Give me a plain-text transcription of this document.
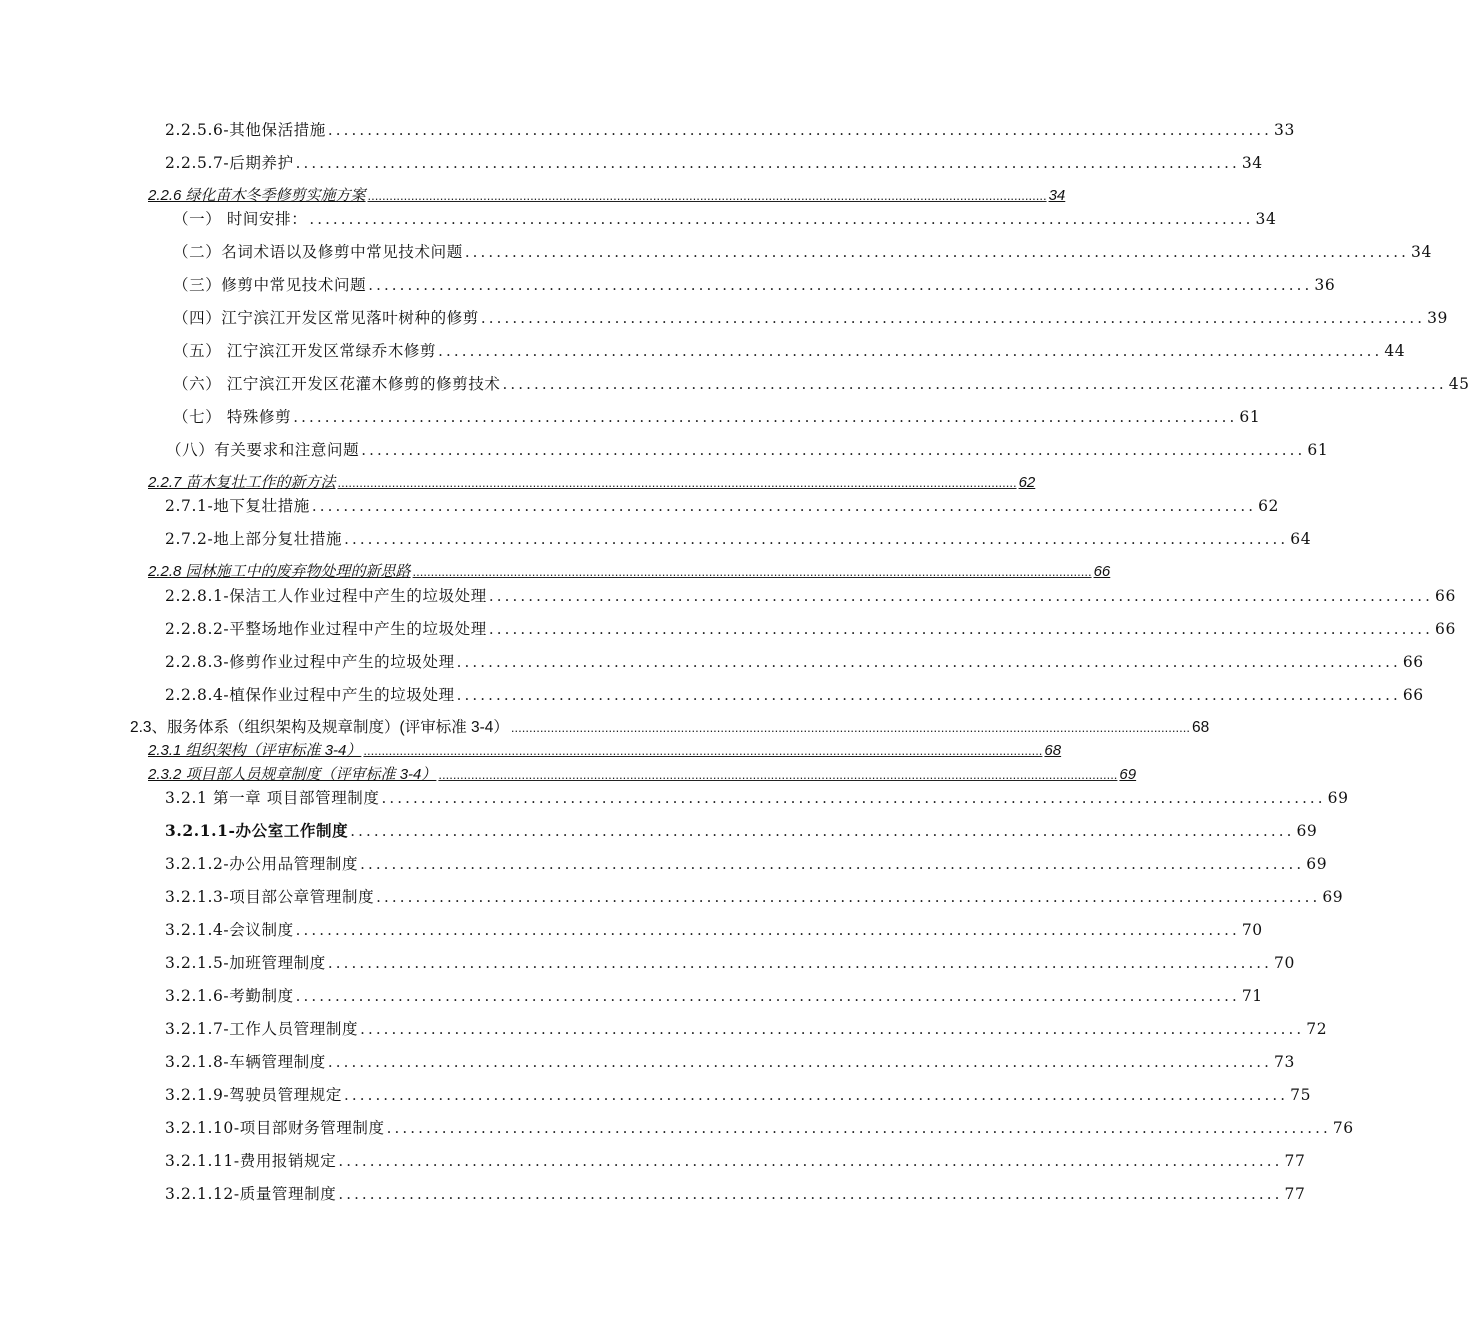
2.2.5.6-其他保活措施 ........................................................................................................................ 33
2.2.5.7-后期养护 ........................................................................................................................ 34
2.2.6 绿化苗木冬季修剪实施方案 ............................................................................................................................................................................................ 34
（一） 时间安排： ........................................................................................................................ 34
（二）名词术语以及修剪中常见技术问题 ........................................................................................................................ 34
（三）修剪中常见技术问题 ........................................................................................................................ 36
（四）江宁滨江开发区常见落叶树种的修剪 ........................................................................................................................ 39
（五） 江宁滨江开发区常绿乔木修剪 ........................................................................................................................ 44
（六） 江宁滨江开发区花灌木修剪的修剪技术 ........................................................................................................................ 45
（七） 特殊修剪 ........................................................................................................................ 61
（八）有关要求和注意问题 ........................................................................................................................ 61
2.2.7 苗木复壮工作的新方法 ............................................................................................................................................................................................ 62
2.7.1-地下复壮措施 ........................................................................................................................ 62
2.7.2-地上部分复壮措施 ........................................................................................................................ 64
2.2.8 园林施工中的废弃物处理的新思路 ............................................................................................................................................................................................ 66
2.2.8.1-保洁工人作业过程中产生的垃圾处理 ........................................................................................................................ 66
2.2.8.2-平整场地作业过程中产生的垃圾处理 ........................................................................................................................ 66
2.2.8.3-修剪作业过程中产生的垃圾处理 ........................................................................................................................ 66
2.2.8.4-植保作业过程中产生的垃圾处理 ........................................................................................................................ 66
2.3、服务体系（组织架构及规章制度）(评审标准 3-4） ............................................................................................................................................................................................ 68
2.3.1 组织架构（评审标准 3-4） ............................................................................................................................................................................................ 68
2.3.2 项目部人员规章制度（评审标准 3-4） ............................................................................................................................................................................................ 69
3.2.1 第一章 项目部管理制度 ........................................................................................................................ 69
3.2.1.1-办公室工作制度 ........................................................................................................................ 69
3.2.1.2-办公用品管理制度 ........................................................................................................................ 69
3.2.1.3-项目部公章管理制度 ........................................................................................................................ 69
3.2.1.4-会议制度 ........................................................................................................................ 70
3.2.1.5-加班管理制度 ........................................................................................................................ 70
3.2.1.6-考勤制度 ........................................................................................................................ 71
3.2.1.7-工作人员管理制度 ........................................................................................................................ 72
3.2.1.8-车辆管理制度 ........................................................................................................................ 73
3.2.1.9-驾驶员管理规定 ........................................................................................................................ 75
3.2.1.10-项目部财务管理制度 ........................................................................................................................ 76
3.2.1.11-费用报销规定 ........................................................................................................................ 77
3.2.1.12-质量管理制度 ........................................................................................................................ 77
